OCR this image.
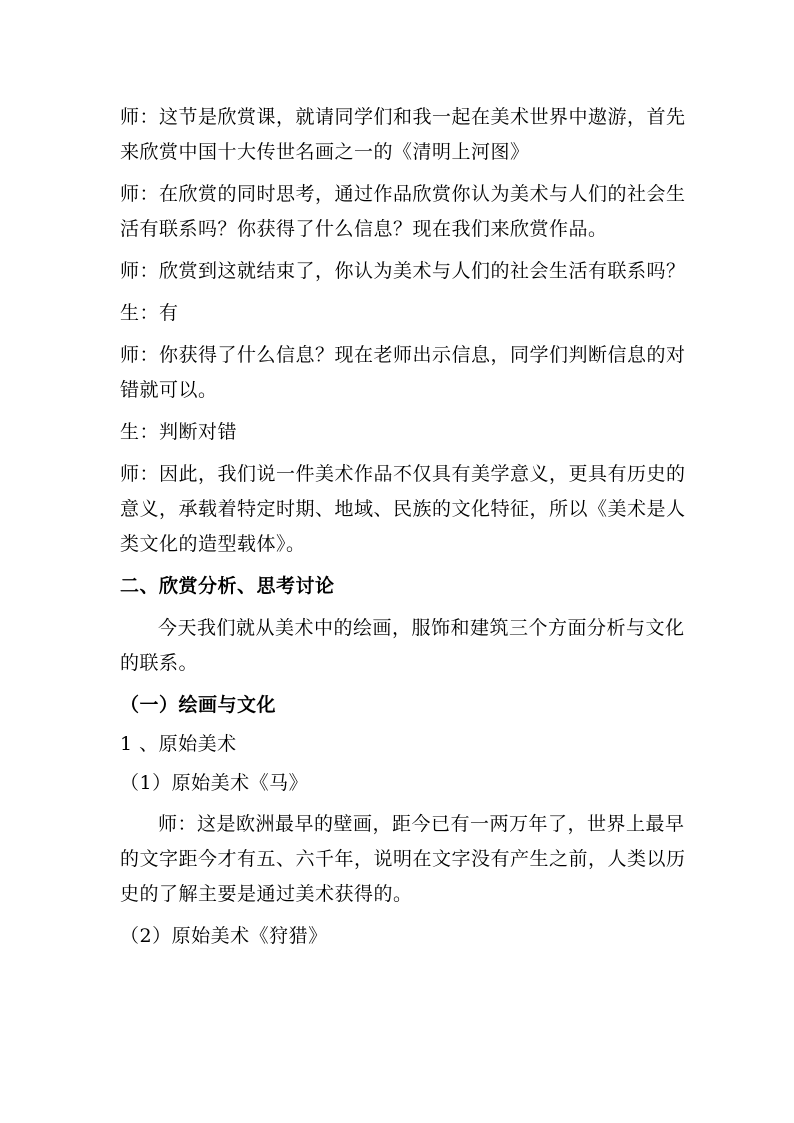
师：这节是欣赏课，就请同学们和我一起在美术世界中遨游，首先
来欣赏中国十大传世名画之一的《清明上河图》
师：在欣赏的同时思考，通过作品欣赏你认为美术与人们的社会生
活有联系吗？你获得了什么信息？现在我们来欣赏作品。
师：欣赏到这就结束了，你认为美术与人们的社会生活有联系吗？
生：有
师：你获得了什么信息？现在老师出示信息，同学们判断信息的对
错就可以。
生：判断对错
师：因此，我们说一件美术作品不仅具有美学意义，更具有历史的
意义，承载着特定时期、地域、民族的文化特征，所以《美术是人
类文化的造型载体》。
二、欣赏分析、思考讨论
今天我们就从美术中的绘画，服饰和建筑三个方面分析与文化
的联系。
（一）绘画与文化
1 、原始美术
（1）原始美术《马》
师：这是欧洲最早的壁画，距今已有一两万年了，世界上最早
的文字距今才有五、六千年，说明在文字没有产生之前，人类以历
史的了解主要是通过美术获得的。
（2）原始美术《狩猎》
